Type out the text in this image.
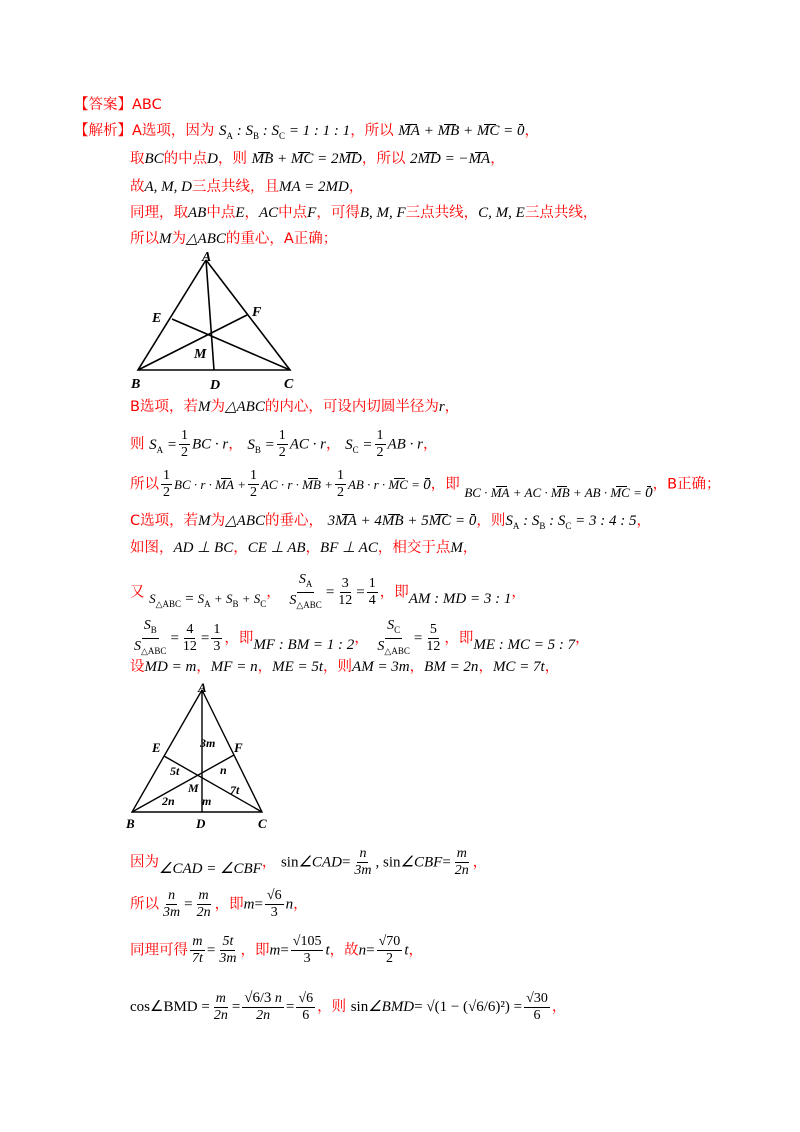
【答案】ABC
【解析】A选项，因为 $S_A$ : $S_B$ : $S_C = 1$ : 1 : 1，所以 MA + MB + MC = 0，
取BC的中点D，则 MB + MC = 2MD，所以 2MD = −MA，
故A, M, D三点共线，且MA = 2MD，
同理，取AB中点E，AC中点F，可得B, M, F三点共线，C, M, E三点共线，
所以M为△ABC的重心，A正确；
A
B	C
D
E	F
M
B选项，若M为△ABC的内心，可设内切圆半径为r，
则 $S_A = \frac{1}{2}$ BC · r， $S_B = \frac{1}{2}$ AC · r， $S_C = \frac{1}{2}$ AB · r，
所以 $\frac{1}{2}$ BC · r · MA + $\frac{1}{2}$ AC · r · MB + $\frac{1}{2}$ AB · r · MC = 0，即 BC · MA + AC · MB + AB · MC = 0，B正确；
C选项，若M为△ABC的垂心， 3MA + 4MB + 5MC = 0，则$S_A$ : $S_B$ : $S_C = 3$ : 4 : 5，
如图，AD ⊥ BC，CE ⊥ AB，BF ⊥ AC，相交于点M，
又 $S_{\triangle ABC} = S_A + S_B + S_C$， $\frac{S_A}{S_{\triangle ABC}} = \frac{3}{12} = \frac{1}{4}$ ，即AM : MD = 3 : 1，
$\frac{S_B}{S_{\triangle ABC}} = \frac{4}{12} = \frac{1}{3}$ ，即MF : BM = 1 : 2， $\frac{S_C}{S_{\triangle ABC}} = \frac{5}{12}$ ，即ME : MC = 5 : 7，
设MD = m，MF = n，ME = 5t，则AM = 3m，BM = 2n，MC = 7t，
A
B	C
D
E	F
M
3m
5t	n
7t
2n m
因为∠CAD = ∠CBF， sin∠CAD= $\frac{n}{3m}$ , sin∠CBF= $\frac{m}{2n}$ ，
所以 $\frac{n}{3m} = \frac{m}{2n}$ ，即$m= \frac{√6}{3}$ n，
同理可得 $\frac{m}{7t} = \frac{5t}{3m}$ ，即$m= \frac{√105}{3}$ t，故$n= \frac{√70}{2}$ t，
cos∠BMD = $\frac{m}{2n} = \frac{√6/3 n}{2n} = \frac{√6}{6}$ ，则 sin∠BMD= $√(1 - (√6/6)^2) = \frac{√30}{6}$ ，
